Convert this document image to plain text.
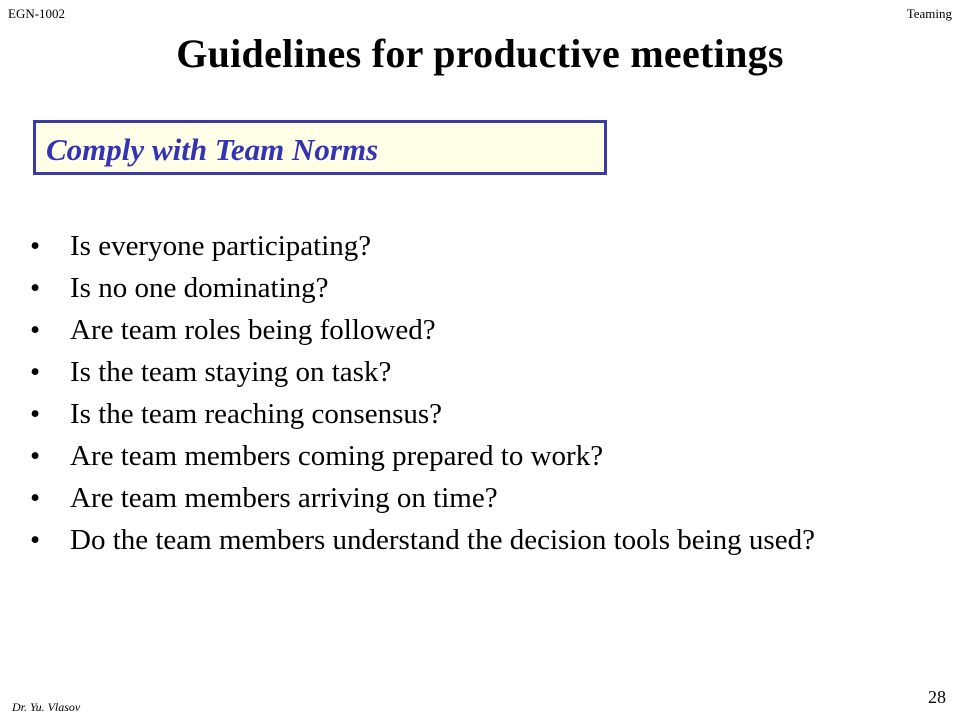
EGN-1002	Teaming
Guidelines for productive meetings
Comply with Team Norms
• Is everyone participating?
• Is no one dominating?
• Are team roles being followed?
• Is the team staying on task?
• Is the team reaching consensus?
• Are team members coming prepared to work?
• Are team members arriving on time?
• Do the team members understand the decision tools being used?
Dr. Yu. Vlasov	28
